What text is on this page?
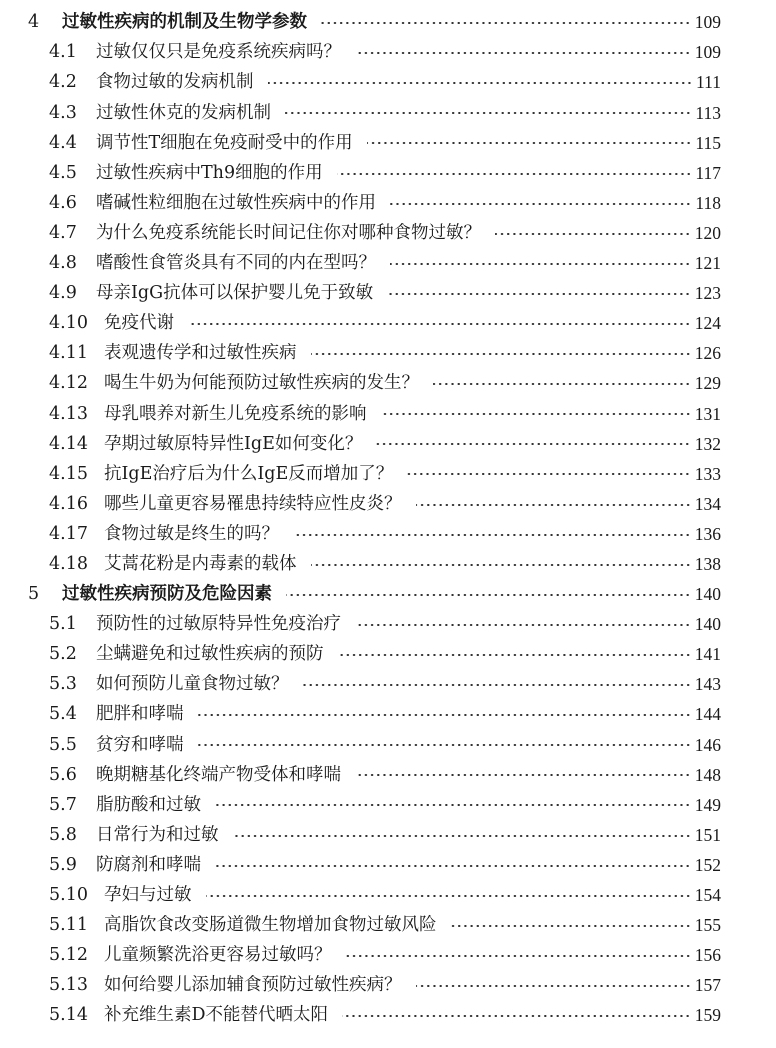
4 过敏性疾病的机制及生物学参数	109
4.1 过敏仅仅只是免疫系统疾病吗？	109
4.2 食物过敏的发病机制	111
4.3 过敏性休克的发病机制	113
4.4 调节性T细胞在免疫耐受中的作用	115
4.5 过敏性疾病中Th9细胞的作用	117
4.6 嗜碱性粒细胞在过敏性疾病中的作用	118
4.7 为什么免疫系统能长时间记住你对哪种食物过敏？	120
4.8 嗜酸性食管炎具有不同的内在型吗？	121
4.9 母亲IgG抗体可以保护婴儿免于致敏	123
4.10 免疫代谢	124
4.11 表观遗传学和过敏性疾病	126
4.12 喝生牛奶为何能预防过敏性疾病的发生？	129
4.13 母乳喂养对新生儿免疫系统的影响	131
4.14 孕期过敏原特异性IgE如何变化？	132
4.15 抗IgE治疗后为什么IgE反而增加了？	133
4.16 哪些儿童更容易罹患持续特应性皮炎？	134
4.17 食物过敏是终生的吗？	136
4.18 艾蒿花粉是内毒素的载体	138
5 过敏性疾病预防及危险因素	140
5.1 预防性的过敏原特异性免疫治疗	140
5.2 尘螨避免和过敏性疾病的预防	141
5.3 如何预防儿童食物过敏？	143
5.4 肥胖和哮喘	144
5.5 贫穷和哮喘	146
5.6 晚期糖基化终端产物受体和哮喘	148
5.7 脂肪酸和过敏	149
5.8 日常行为和过敏	151
5.9 防腐剂和哮喘	152
5.10 孕妇与过敏	154
5.11 高脂饮食改变肠道微生物增加食物过敏风险	155
5.12 儿童频繁洗浴更容易过敏吗？	156
5.13 如何给婴儿添加辅食预防过敏性疾病？	157
5.14 补充维生素D不能替代晒太阳	159
